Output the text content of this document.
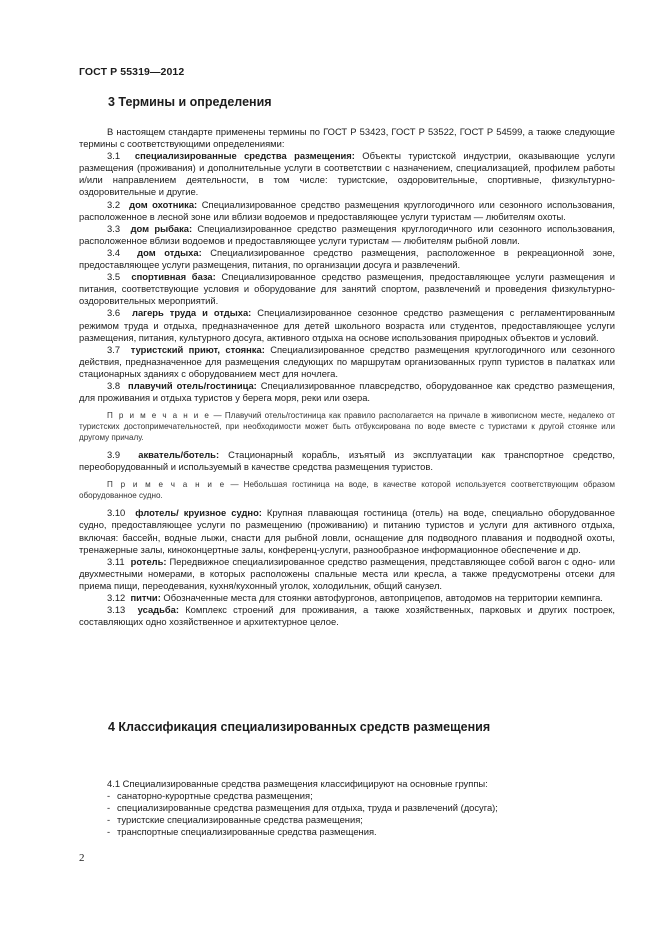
ГОСТ Р 55319—2012
3 Термины и определения

В настоящем стандарте применены термины по ГОСТ Р 53423, ГОСТ Р 53522, ГОСТ Р 54599, а также следующие термины с соответствующими определениями:

3.1 специализированные средства размещения: Объекты туристской индустрии, оказывающие услуги размещения (проживания) и дополнительные услуги в соответствии с назначением, специализацией, профилем работы и/или направлением деятельности, в том числе: туристские, оздоровительные, спортивные, физкультурно-оздоровительные и другие.

3.2 дом охотника: Специализированное средство размещения круглогодичного или сезонного использования, расположенное в лесной зоне или вблизи водоемов и предоставляющее услуги туристам — любителям охоты.

3.3 дом рыбака: Специализированное средство размещения круглогодичного или сезонного использования, расположенное вблизи водоемов и предоставляющее услуги туристам — любителям рыбной ловли.

3.4 дом отдыха: Специализированное средство размещения, расположенное в рекреационной зоне, предоставляющее услуги размещения, питания, по организации досуга и развлечений.

3.5 спортивная база: Специализированное средство размещения, предоставляющее услуги размещения и питания, соответствующие условия и оборудование для занятий спортом, развлечений и проведения физкультурно-оздоровительных мероприятий.

3.6 лагерь труда и отдыха: Специализированное сезонное средство размещения с регламентированным режимом труда и отдыха, предназначенное для детей школьного возраста или студентов, предоставляющее услуги размещения, питания, культурного досуга, активного отдыха на основе использования природных объектов и условий.

3.7 туристский приют, стоянка: Специализированное средство размещения круглогодичного или сезонного действия, предназначенное для размещения следующих по маршрутам организованных групп туристов в палатках или стационарных зданиях с оборудованием мест для ночлега.

3.8 плавучий отель/гостиница: Специализированное плавсредство, оборудованное как средство размещения, для проживания и отдыха туристов у берега моря, реки или озера.

П р и м е ч а н и е — Плавучий отель/гостиница как правило располагается на причале в живописном месте, недалеко от туристских достопримечательностей, при необходимости может быть отбуксирована по воде вместе с туристами к другой стоянке или другому причалу.

3.9 акватель/ботель: Стационарный корабль, изъятый из эксплуатации как транспортное средство, переоборудованный и используемый в качестве средства размещения туристов.

П р и м е ч а н и е — Небольшая гостиница на воде, в качестве которой используется соответствующим образом оборудованное судно.

3.10 флотель/ круизное судно: Крупная плавающая гостиница (отель) на воде, специально оборудованное судно, предоставляющее услуги по размещению (проживанию) и питанию туристов и услуги для активного отдыха, включая: бассейн, водные лыжи, снасти для рыбной ловли, оснащение для подводного плавания и подводной охоты, тренажерные залы, киноконцертные залы, конференц-услуги, разнообразное информационное обеспечение и др.

3.11 ротель: Передвижное специализированное средство размещения, представляющее собой вагон с одно- или двухместными номерами, в которых расположены спальные места или кресла, а также предусмотрены отсеки для приема пищи, переодевания, кухня/кухонный уголок, холодильник, общий санузел.

3.12 питчи: Обозначенные места для стоянки автофургонов, автоприцепов, автодомов на территории кемпинга.

3.13 усадьба: Комплекс строений для проживания, а также хозяйственных, парковых и других построек, составляющих одно хозяйственное и архитектурное целое.

4 Классификация специализированных средств размещения

4.1 Специализированные средства размещения классифицируют на основные группы:

- санаторно-курортные средства размещения;
- специализированные средства размещения для отдыха, труда и развлечений (досуга);
- туристские специализированные средства размещения;
- транспортные специализированные средства размещения.
2
